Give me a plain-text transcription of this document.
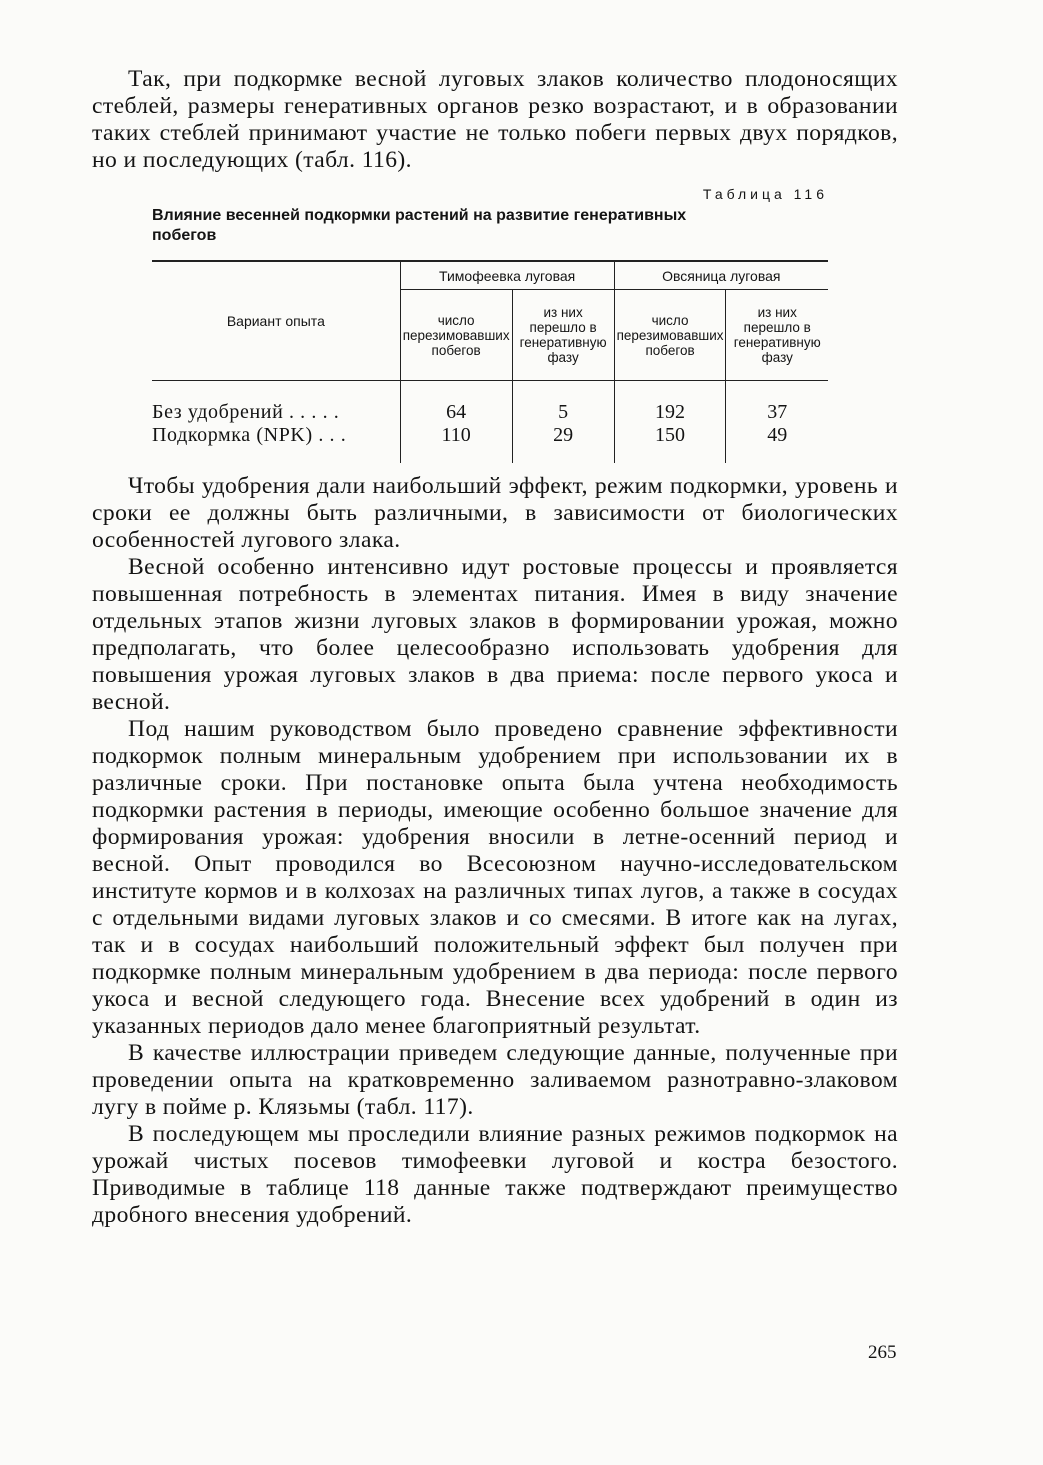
Так, при подкормке весной луговых злаков количество плодоносящих стеблей, размеры генеративных органов резко возрастают, и в образовании таких стеблей принимают участие не только побеги первых двух порядков, но и последующих (табл. 116).

Таблица 116
Влияние весенней подкормки растений на развитие генеративных побегов
Вариант опыта	Тимофеевка луговая		Овсяница луговая	
	число перезимовавших побегов	из них перешло в генеративную фазу	число перезимовавших побегов	из них перешло в генеративную фазу
Без удобрений . . . . .	64	5	192	37
Подкормка (NPK) . . .	110	29	150	49

Чтобы удобрения дали наибольший эффект, режим подкормки, уровень и сроки ее должны быть различными, в зависимости от биологических особенностей лугового злака.

Весной особенно интенсивно идут ростовые процессы и проявляется повышенная потребность в элементах питания. Имея в виду значение отдельных этапов жизни луговых злаков в формировании урожая, можно предполагать, что более целесообразно использовать удобрения для повышения урожая луговых злаков в два приема: после первого укоса и весной.

Под нашим руководством было проведено сравнение эффективности подкормок полным минеральным удобрением при использовании их в различные сроки. При постановке опыта была учтена необходимость подкормки растения в периоды, имеющие особенно большое значение для формирования урожая: удобрения вносили в летне-осенний период и весной. Опыт проводился во Всесоюзном научно-исследовательском институте кормов и в колхозах на различных типах лугов, а также в сосудах с отдельными видами луговых злаков и со смесями. В итоге как на лугах, так и в сосудах наибольший положительный эффект был получен при подкормке полным минеральным удобрением в два периода: после первого укоса и весной следующего года. Внесение всех удобрений в один из указанных периодов дало менее благоприятный результат.

В качестве иллюстрации приведем следующие данные, полученные при проведении опыта на кратковременно заливаемом разнотравно-злаковом лугу в пойме р. Клязьмы (табл. 117).

В последующем мы проследили влияние разных режимов подкормок на урожай чистых посевов тимофеевки луговой и костра безостого. Приводимые в таблице 118 данные также подтверждают преимущество дробного внесения удобрений.

265
